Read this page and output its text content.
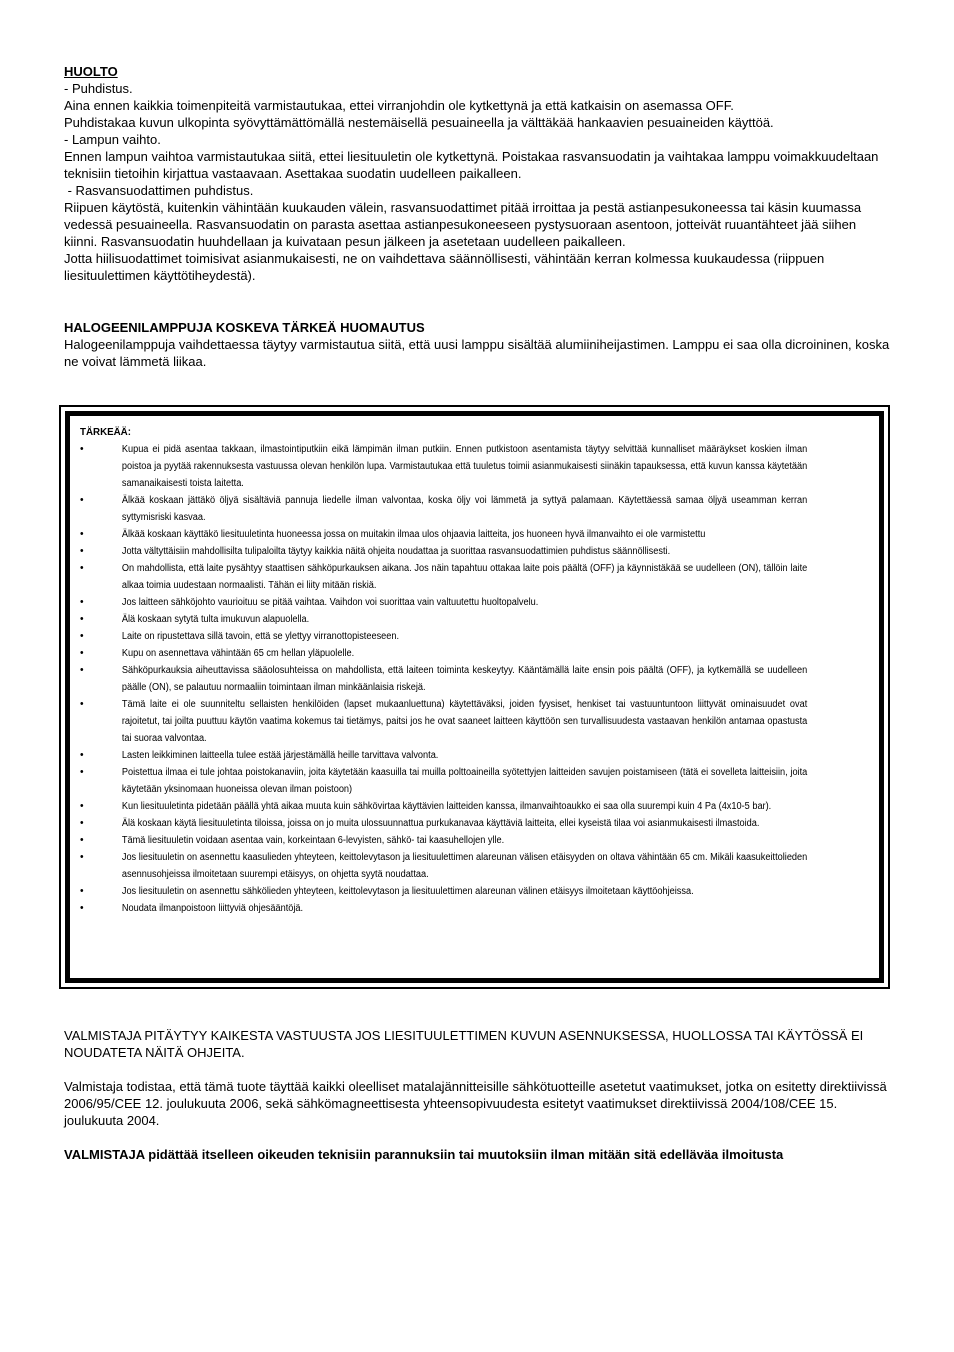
HUOLTO

- Puhdistus.

Aina ennen kaikkia toimenpiteitä varmistautukaa, ettei virranjohdin ole kytkettynä ja että katkaisin on asemassa OFF.

Puhdistakaa kuvun ulkopinta syövyttämättömällä nestemäisellä pesuaineella ja välttäkää hankaavien pesuaineiden käyttöä.

- Lampun vaihto.

Ennen lampun vaihtoa varmistautukaa siitä, ettei liesituuletin ole kytkettynä. Poistakaa rasvansuodatin ja vaihtakaa lamppu voimakkuudeltaan teknisiin tietoihin kirjattua vastaavaan. Asettakaa suodatin uudelleen paikalleen.

- Rasvansuodattimen puhdistus.

Riipuen käytöstä, kuitenkin vähintään kuukauden välein, rasvansuodattimet pitää irroittaa ja pestä astianpesukoneessa tai käsin kuumassa vedessä pesuaineella. Rasvansuodatin on parasta asettaa astianpesukoneeseen pystysuoraan asentoon, jotteivät ruuantähteet jää siihen kiinni. Rasvansuodatin huuhdellaan ja kuivataan pesun jälkeen ja asetetaan uudelleen paikalleen.

Jotta hiilisuodattimet toimisivat asianmukaisesti, ne on vaihdettava säännöllisesti, vähintään kerran kolmessa kuukaudessa (riippuen liesituulettimen käyttötiheydestä).

HALOGEENILAMPPUJA KOSKEVA TÄRKEÄ HUOMAUTUS

Halogeenilamppuja vaihdettaessa täytyy varmistautua siitä, että uusi lamppu sisältää alumiiniheijastimen. Lamppu ei saa olla dicroininen, koska ne voivat lämmetä liikaa.

TÄRKEÄÄ:
•	Kupua ei pidä asentaa takkaan, ilmastointiputkiin eikä lämpimän ilman putkiin. Ennen putkistoon asentamista täytyy selvittää kunnalliset määräykset koskien ilman poistoa ja pyytää rakennuksesta vastuussa olevan henkilön lupa. Varmistautukaa että tuuletus toimii asianmukaisesti siinäkin tapauksessa, että kuvun kanssa käytetään samanaikaisesti toista laitetta.
•	Älkää koskaan jättäkö öljyä sisältäviä pannuja liedelle ilman valvontaa, koska öljy voi lämmetä ja syttyä palamaan. Käytettäessä samaa öljyä useamman kerran syttymisriski kasvaa.
•	Älkää koskaan käyttäkö liesituuletinta huoneessa jossa on muitakin ilmaa ulos ohjaavia laitteita, jos huoneen hyvä ilmanvaihto ei ole varmistettu
•	Jotta vältyttäisiin mahdollisilta tulipaloilta täytyy kaikkia näitä ohjeita noudattaa ja suorittaa rasvansuodattimien puhdistus säännöllisesti.
•	On mahdollista, että laite pysähtyy staattisen sähköpurkauksen aikana. Jos näin tapahtuu ottakaa laite pois päältä (OFF) ja käynnistäkää se uudelleen (ON), tällöin laite alkaa toimia uudestaan normaalisti. Tähän ei liity mitään riskiä.
•	Jos laitteen sähköjohto vaurioituu se pitää vaihtaa. Vaihdon voi suorittaa vain valtuutettu huoltopalvelu.
•	Älä koskaan sytytä tulta imukuvun alapuolella.
•	Laite on ripustettava sillä tavoin, että se ylettyy virranottopisteeseen.
•	Kupu on asennettava vähintään 65 cm hellan yläpuolelle.
•	Sähköpurkauksia aiheuttavissa sääolosuhteissa on mahdollista, että laiteen toiminta keskeytyy. Kääntämällä laite ensin pois päältä (OFF), ja kytkemällä se uudelleen päälle (ON), se palautuu normaaliin toimintaan ilman minkäänlaisia riskejä.
•	Tämä laite ei ole suunniteltu sellaisten henkilöiden (lapset mukaanluettuna) käytettäväksi, joiden fyysiset, henkiset tai vastuuntuntoon liittyvät ominaisuudet ovat rajoitetut, tai joilta puuttuu käytön vaatima kokemus tai tietämys, paitsi jos he ovat saaneet laitteen käyttöön sen turvallisuudesta vastaavan henkilön antamaa opastusta tai suoraa valvontaa.
•	Lasten leikkiminen laitteella tulee estää järjestämällä heille tarvittava valvonta.
•	Poistettua ilmaa ei tule johtaa poistokanaviin, joita käytetään kaasuilla tai muilla polttoaineilla syötettyjen laitteiden savujen poistamiseen (tätä ei sovelleta laitteisiin, joita käytetään yksinomaan huoneissa olevan ilman poistoon)
•	Kun liesituuletinta pidetään päällä yhtä aikaa muuta kuin sähkövirtaa käyttävien laitteiden kanssa, ilmanvaihtoaukko ei saa olla suurempi kuin 4 Pa (4x10-5 bar).
•	Älä koskaan käytä liesituuletinta tiloissa, joissa on jo muita ulossuunnattua purkukanavaa käyttäviä laitteita, ellei kyseistä tilaa voi asianmukaisesti ilmastoida.
•	Tämä liesituuletin voidaan asentaa vain, korkeintaan 6-levyisten, sähkö- tai kaasuhellojen ylle.
•	Jos liesituuletin on asennettu kaasulieden yhteyteen, keittolevytason ja liesituulettimen alareunan välisen etäisyyden on oltava vähintään 65 cm. Mikäli kaasukeittolieden asennusohjeissa ilmoitetaan suurempi etäisyys, on ohjetta syytä noudattaa.
•	Jos liesituuletin on asennettu sähkölieden yhteyteen, keittolevytason ja liesituulettimen alareunan välinen etäisyys ilmoitetaan käyttöohjeissa.
•	Noudata ilmanpoistoon liittyviä ohjesääntöjä.

VALMISTAJA PITÄYTYY KAIKESTA VASTUUSTA JOS LIESITUULETTIMEN KUVUN ASENNUKSESSA, HUOLLOSSA TAI KÄYTÖSSÄ EI NOUDATETA NÄITÄ OHJEITA.

Valmistaja todistaa, että tämä tuote täyttää kaikki oleelliset matalajännitteisille sähkötuotteille asetetut vaatimukset, jotka on esitetty direktiivissä 2006/95/CEE 12. joulukuuta 2006, sekä sähkömagneettisesta yhteensopivuudesta esitetyt vaatimukset direktiivissä 2004/108/CEE 15. joulukuuta 2004.

VALMISTAJA pidättää itselleen oikeuden teknisiin parannuksiin tai muutoksiin ilman mitään sitä edelläväa ilmoitusta
